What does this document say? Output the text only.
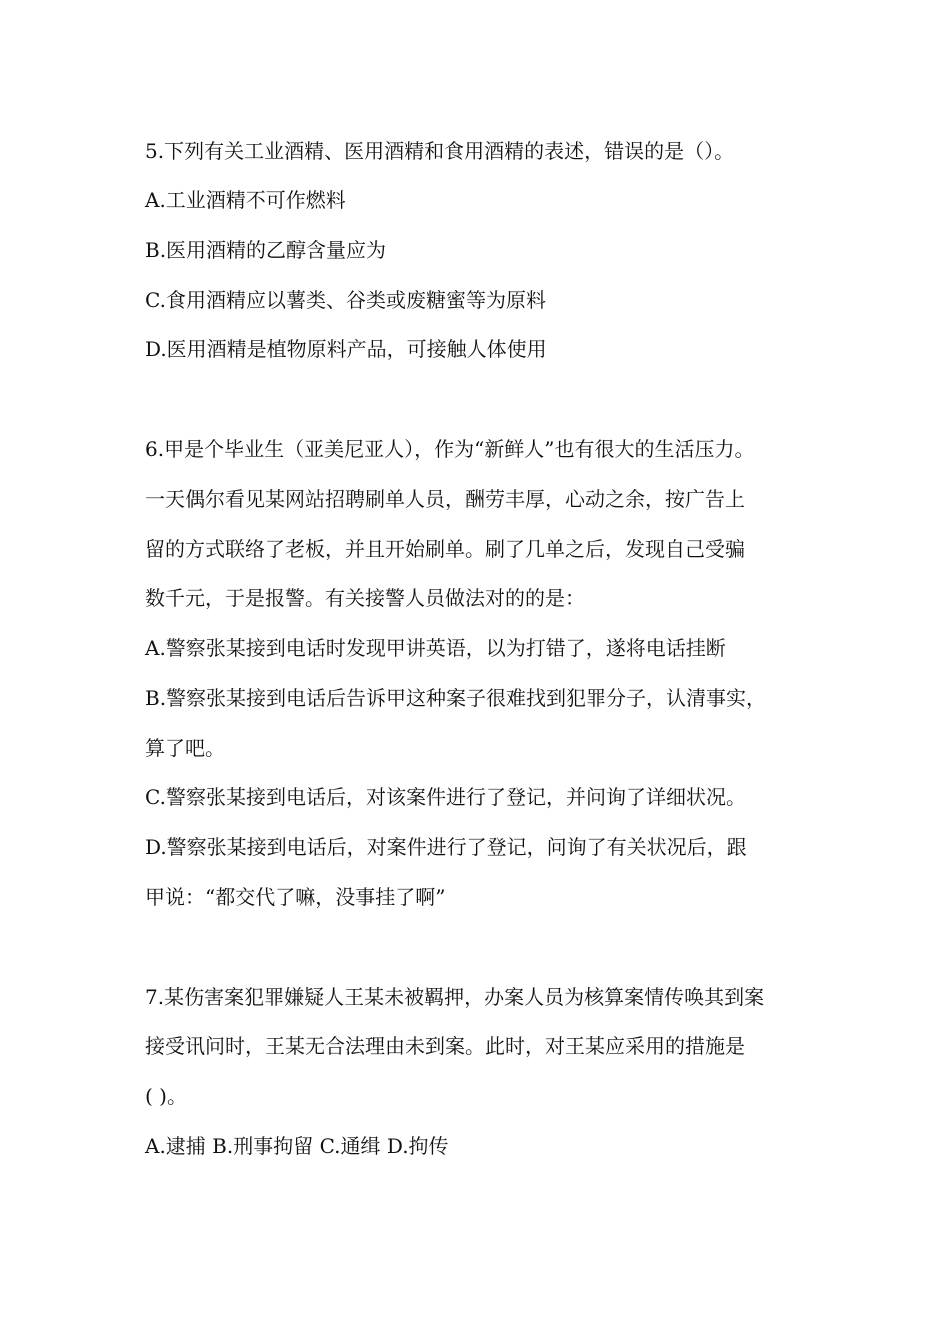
5.下列有关工业酒精、医用酒精和食用酒精的表述，错误的是（）。
A.工业酒精不可作燃料
B.医用酒精的乙醇含量应为
C.食用酒精应以薯类、谷类或废糖蜜等为原料
D.医用酒精是植物原料产品，可接触人体使用
6.甲是个毕业生（亚美尼亚人），作为“新鲜人”也有很大的生活压力。
一天偶尔看见某网站招聘刷单人员，酬劳丰厚，心动之余，按广告上
留的方式联络了老板，并且开始刷单。刷了几单之后，发现自己受骗
数千元，于是报警。有关接警人员做法对的的是：
A.警察张某接到电话时发现甲讲英语，以为打错了，遂将电话挂断
B.警察张某接到电话后告诉甲这种案子很难找到犯罪分子，认清事实，
算了吧。
C.警察张某接到电话后，对该案件进行了登记，并问询了详细状况。
D.警察张某接到电话后，对案件进行了登记，问询了有关状况后，跟
甲说：“都交代了嘛，没事挂了啊”
7.某伤害案犯罪嫌疑人王某未被羁押，办案人员为核算案情传唤其到案
接受讯问时，王某无合法理由未到案。此时，对王某应采用的措施是
( )。
A.逮捕 B.刑事拘留 C.通缉 D.拘传
